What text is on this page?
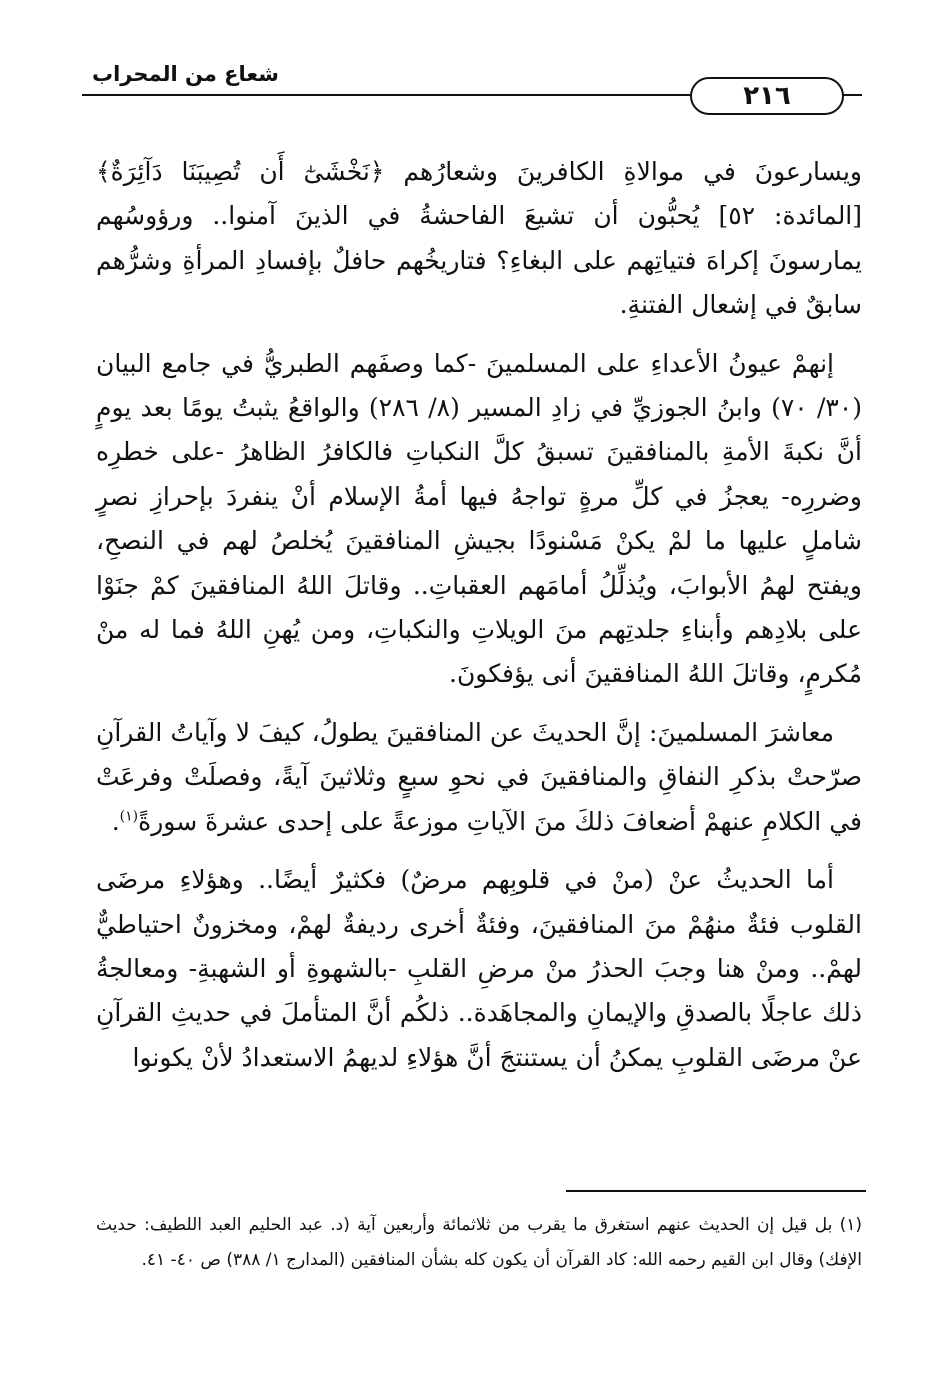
شعاع من المحراب
٢١٦

ويسارعونَ في موالاةِ الكافرينَ وشعارُهم ﴿نَخْشَىٰٓ أَن تُصِيبَنَا دَآئِرَةٌ﴾ [المائدة: ٥٢] يُحبُّون أن تشيعَ الفاحشةُ في الذينَ آمنوا.. ورؤوسُهم يمارسونَ إكراهَ فتياتِهم على البغاءِ؟ فتاريخُهم حافلٌ بإفسادِ المرأةِ وشرُّهم سابقٌ في إشعال الفتنةِ.

إنهمْ عيونُ الأعداءِ على المسلمينَ -كما وصفَهم الطبريُّ في جامع البيان (٣٠/ ٧٠) وابنُ الجوزيِّ في زادِ المسير (٨/ ٢٨٦) والواقعُ يثبتُ يومًا بعد يومٍ أنَّ نكبةَ الأمةِ بالمنافقينَ تسبقُ كلَّ النكباتِ فالكافرُ الظاهرُ -على خطرِه وضررِه- يعجزُ في كلِّ مرةٍ تواجهُ فيها أمةُ الإسلام أنْ ينفردَ بإحرازِ نصرٍ شاملٍ عليها ما لمْ يكنْ مَسْنودًا بجيشِ المنافقينَ يُخلصُ لهم في النصحِ، ويفتح لهمُ الأبوابَ، ويُذلِّلُ أمامَهم العقباتِ.. وقاتلَ اللهُ المنافقينَ كمْ جنَوْا على بلادِهم وأبناءِ جلدتِهم منَ الويلاتِ والنكباتِ، ومن يُهنِ اللهُ فما له منْ مُكرمٍ، وقاتلَ اللهُ المنافقينَ أنى يؤفكونَ.

معاشرَ المسلمينَ: إنَّ الحديثَ عن المنافقينَ يطولُ، كيفَ لا وآياتُ القرآنِ صرّحتْ بذكرِ النفاقِ والمنافقينَ في نحوِ سبعٍ وثلاثينَ آيةً، وفصلَتْ وفرعَتْ في الكلامِ عنهمْ أضعافَ ذلكَ منَ الآياتِ موزعةً على إحدى عشرةَ سورةً$^{(١)}$.

أما الحديثُ عنْ (منْ في قلوبِهم مرضٌ) فكثيرٌ أيضًا.. وهؤلاءِ مرضَى القلوب فئةٌ منهُمْ منَ المنافقينَ، وفئةٌ أخرى رديفةٌ لهمْ، ومخزونٌ احتياطيٌّ لهمْ.. ومنْ هنا وجبَ الحذرُ منْ مرضِ القلبِ -بالشهوةِ أو الشهبةِ- ومعالجةُ ذلك عاجلًا بالصدقِ والإيمانِ والمجاهَدة.. ذلكُم أنَّ المتأملَ في حديثِ القرآنِ عنْ مرضَى القلوبِ يمكنُ أن يستنتجَ أنَّ هؤلاءِ لديهمُ الاستعدادُ لأنْ يكونوا

(١) بل قيل إن الحديث عنهم استغرق ما يقرب من ثلاثمائة وأربعين آية (د. عبد الحليم العبد اللطيف: حديث الإفك) وقال ابن القيم رحمه الله: كاد القرآن أن يكون كله بشأن المنافقين (المدارج ١/ ٣٨٨) ص ٤٠- ٤١.
